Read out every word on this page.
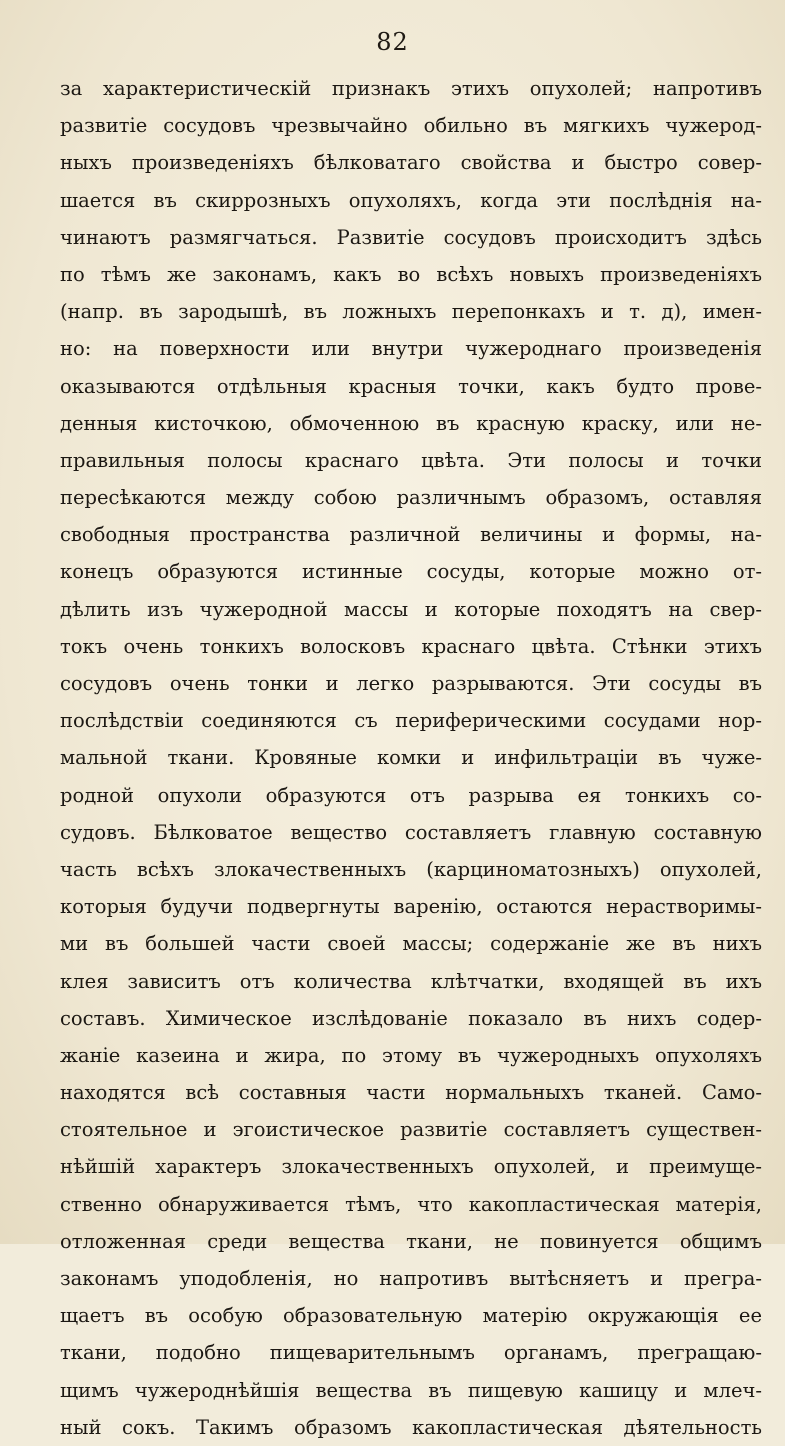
82
за характеристическій признакъ этихъ опухолей; напротивъ
развитіе сосудовъ чрезвычайно обильно въ мягкихъ чужерод-
ныхъ произведеніяхъ бѣлковатаго свойства и быстро совер-
шается въ скиррозныхъ опухоляхъ, когда эти послѣднія на-
чинаютъ размягчаться. Развитіе сосудовъ происходитъ здѣсь
по тѣмъ же законамъ, какъ во всѣхъ новыхъ произведеніяхъ
(напр. въ зародышѣ, въ ложныхъ перепонкахъ и т. д), имен-
но: на поверхности или внутри чужероднаго произведенія
оказываются отдѣльныя красныя точки, какъ будто прове-
денныя кисточкою, обмоченною въ красную краску, или не-
правильныя полосы краснаго цвѣта. Эти полосы и точки
пересѣкаются между собою различнымъ образомъ, оставляя
свободныя пространства различной величины и формы, на-
конецъ образуются истинные сосуды, которые можно от-
дѣлить изъ чужеродной массы и которые походятъ на свер-
токъ очень тонкихъ волосковъ краснаго цвѣта. Стѣнки этихъ
сосудовъ очень тонки и легко разрываются. Эти сосуды въ
послѣдствіи соединяются съ периферическими сосудами нор-
мальной ткани. Кровяные комки и инфильтраціи въ чуже-
родной опухоли образуются отъ разрыва ея тонкихъ со-
судовъ. Бѣлковатое вещество составляетъ главную составную
часть всѣхъ злокачественныхъ (карциноматозныхъ) опухолей,
которыя будучи подвергнуты варенію, остаются нерастворимы-
ми въ большей части своей массы; содержаніе же въ нихъ
клея зависитъ отъ количества клѣтчатки, входящей въ ихъ
составъ. Химическое изслѣдованіе показало въ нихъ содер-
жаніе казеина и жира, по этому въ чужеродныхъ опухоляхъ
находятся всѣ составныя части нормальныхъ тканей. Само-
стоятельное и эгоистическое развитіе составляетъ существен-
нѣйшій характеръ злокачественныхъ опухолей, и преимуще-
ственно обнаруживается тѣмъ, что какопластическая матерія,
отложенная среди вещества ткани, не повинуется общимъ
законамъ уподобленія, но напротивъ вытѣсняетъ и прегра-
щаетъ въ особую образовательную матерію окружающія ее
ткани, подобно пищеварительнымъ органамъ, прегращаю-
щимъ чужероднѣйшія вещества въ пищевую кашицу и млеч-
ный сокъ. Такимъ образомъ какопластическая дѣятельность
